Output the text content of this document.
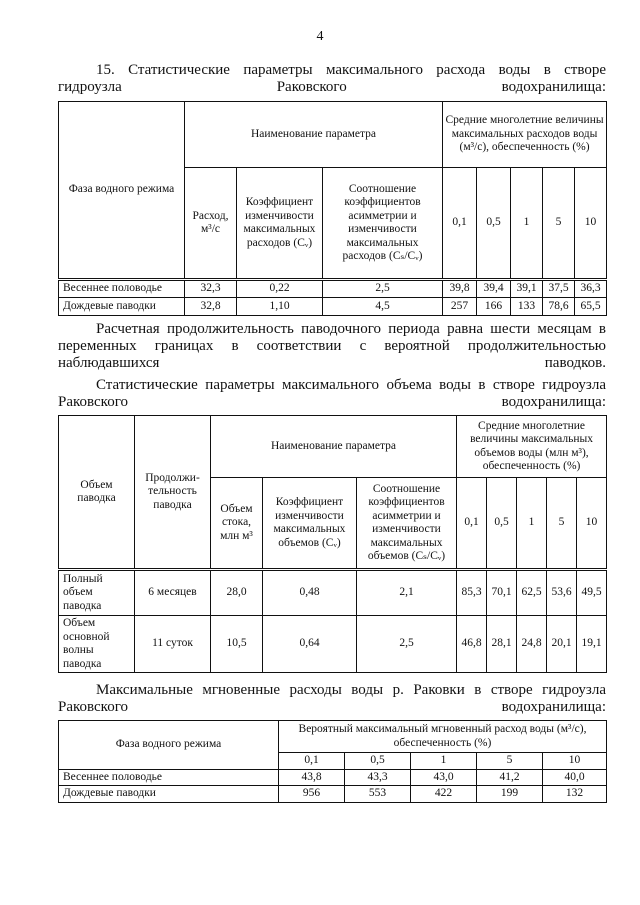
4

15. Статистические параметры максимального расхода воды в створе гидроузла Раковского водохранилища:

Фаза водного режима	Наименование параметра			Средние многолетние величины максимальных расходов воды (м³/с), обеспеченность (%)				
	Расход, м³/с	Коэффициент изменчивости максимальных расходов (Cᵥ)	Соотношение коэффициентов асимметрии и изменчивости максимальных расходов (Cₛ/Cᵥ)	0,1	0,5	1	5	10
Весеннее половодье	32,3	0,22	2,5	39,8	39,4	39,1	37,5	36,3
Дождевые паводки	32,8	1,10	4,5	257	166	133	78,6	65,5

Расчетная продолжительность паводочного периода равна шести месяцам в переменных границах в соответствии с вероятной продолжительностью наблюдавшихся паводков.

Статистические параметры максимального объема воды в створе гидроузла Раковского водохранилища:

Объем паводка	Продолжи-тельность паводка	Наименование параметра			Средние многолетние величины максимальных объемов воды (млн м³), обеспеченность (%)				
		Объем стока, млн м³	Коэффициент изменчивости максимальных объемов (Cᵥ)	Соотношение коэффициентов асимметрии и изменчивости максимальных объемов (Cₛ/Cᵥ)	0,1	0,5	1	5	10
Полный объем паводка	6 месяцев	28,0	0,48	2,1	85,3	70,1	62,5	53,6	49,5
Объем основной волны паводка	11 суток	10,5	0,64	2,5	46,8	28,1	24,8	20,1	19,1

Максимальные мгновенные расходы воды р. Раковки в створе гидроузла Раковского водохранилища:

Фаза водного режима	Вероятный максимальный мгновенный расход воды (м³/с), обеспеченность (%)				
	0,1	0,5	1	5	10
Весеннее половодье	43,8	43,3	43,0	41,2	40,0
Дождевые паводки	956	553	422	199	132
